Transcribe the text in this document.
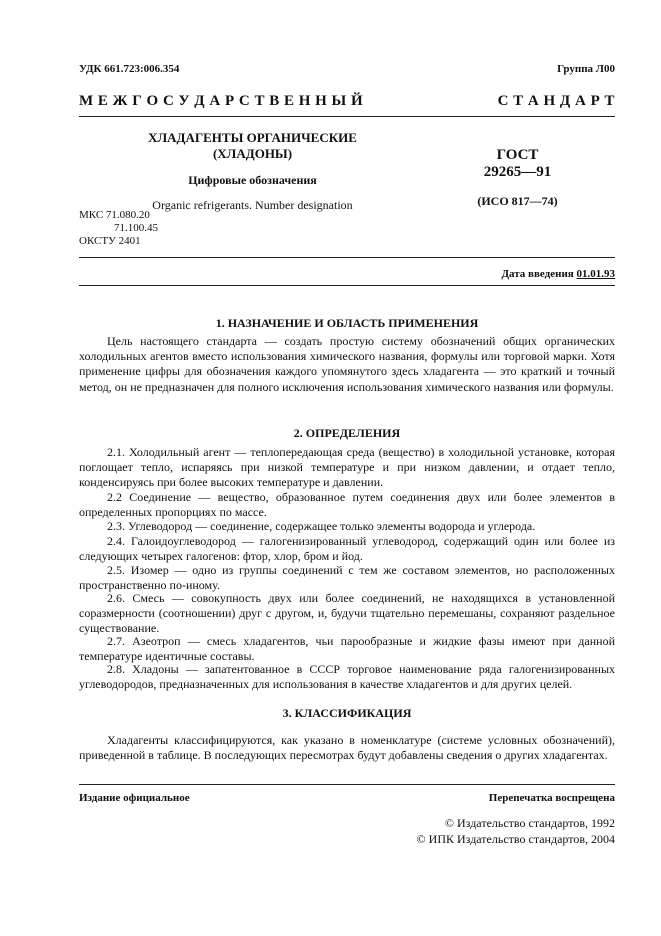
УДК 661.723:006.354	Группа Л00
М Е Ж Г О С У Д А Р С Т В Е Н Н Ы Й	С Т А Н Д А Р Т
ХЛАДАГЕНТЫ ОРГАНИЧЕСКИЕ
(ХЛАДОНЫ)
Цифровые обозначения
Organic refrigerants. Number designation
ГОСТ
29265—91
(ИСО 817—74)
МКС 71.080.20
71.100.45
ОКСТУ 2401
Дата введения 01.01.93
1. НАЗНАЧЕНИЕ И ОБЛАСТЬ ПРИМЕНЕНИЯ
Цель настоящего стандарта — создать простую систему обозначений общих органических холодильных агентов вместо использования химического названия, формулы или торговой марки. Хотя применение цифры для обозначения каждого упомянутого здесь хладагента — это краткий и точный метод, он не предназначен для полного исключения использования химического названия или формулы.
2. ОПРЕДЕЛЕНИЯ
2.1. Холодильный агент — теплопередающая среда (вещество) в холодильной установке, которая поглощает тепло, испаряясь при низкой температуре и при низком давлении, и отдает тепло, конденсируясь при более высоких температуре и давлении.
2.2 Соединение — вещество, образованное путем соединения двух или более элементов в определенных пропорциях по массе.
2.3. Углеводород — соединение, содержащее только элементы водорода и углерода.
2.4. Галоидоуглеводород — галогенизированный углеводород, содержащий один или более из следующих четырех галогенов: фтор, хлор, бром и йод.
2.5. Изомер — одно из группы соединений с тем же составом элементов, но расположенных пространственно по-иному.
2.6. Смесь — совокупность двух или более соединений, не находящихся в установленной соразмерности (соотношении) друг с другом, и, будучи тщательно перемешаны, сохраняют раздельное существование.
2.7. Азеотроп — смесь хладагентов, чьи парообразные и жидкие фазы имеют при данной температуре идентичные составы.
2.8. Хладоны — запатентованное в СССР торговое наименование ряда галогенизированных углеводородов, предназначенных для использования в качестве хладагентов и для других целей.
3. КЛАССИФИКАЦИЯ
Хладагенты классифицируются, как указано в номенклатуре (системе условных обозначений), приведенной в таблице. В последующих пересмотрах будут добавлены сведения о других хладагентах.
Издание официальное	Перепечатка воспрещена
© Издательство стандартов, 1992
© ИПК Издательство стандартов, 2004
